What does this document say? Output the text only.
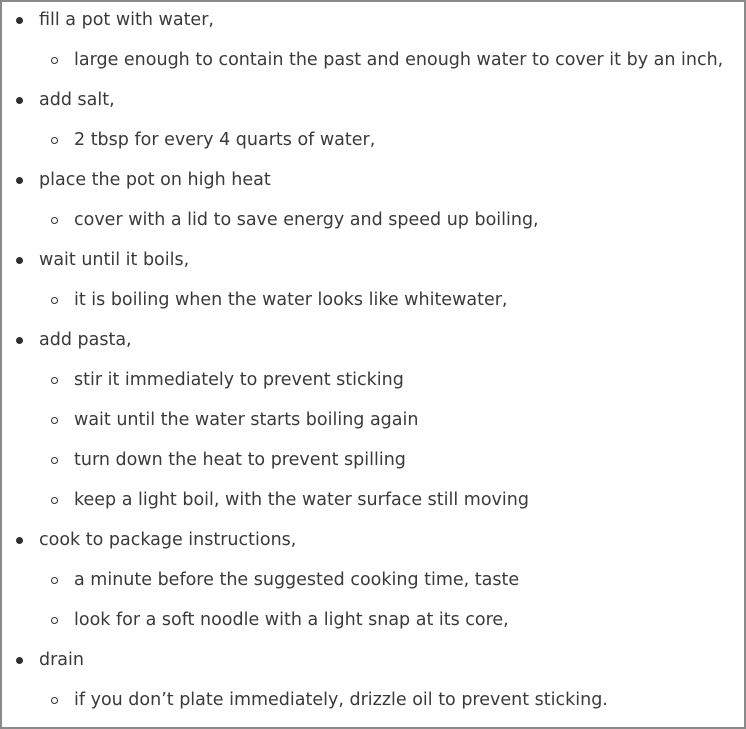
fill a pot with water,
large enough to contain the past and enough water to cover it by an inch,
add salt,
2 tbsp for every 4 quarts of water,
place the pot on high heat
cover with a lid to save energy and speed up boiling,
wait until it boils,
it is boiling when the water looks like whitewater,
add pasta,
stir it immediately to prevent sticking
wait until the water starts boiling again
turn down the heat to prevent spilling
keep a light boil, with the water surface still moving
cook to package instructions,
a minute before the suggested cooking time, taste
look for a soft noodle with a light snap at its core,
drain
if you don’t plate immediately, drizzle oil to prevent sticking.
